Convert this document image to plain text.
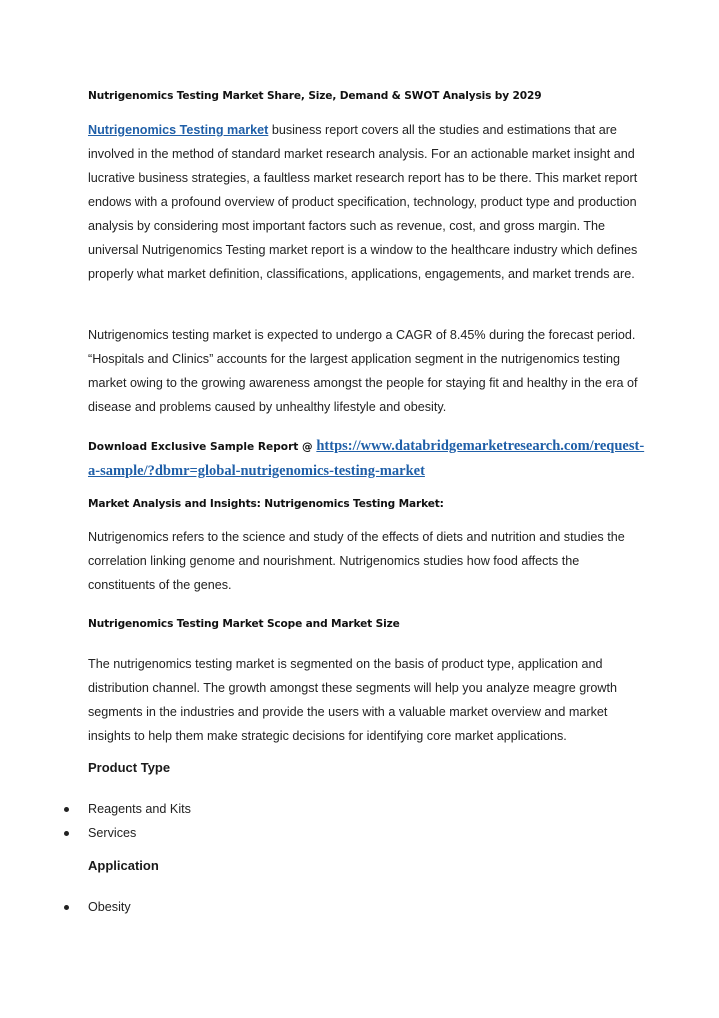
Nutrigenomics Testing Market Share, Size, Demand & SWOT Analysis by 2029

Nutrigenomics Testing market business report covers all the studies and estimations that are involved in the method of standard market research analysis. For an actionable market insight and lucrative business strategies, a faultless market research report has to be there. This market report endows with a profound overview of product specification, technology, product type and production analysis by considering most important factors such as revenue, cost, and gross margin. The universal Nutrigenomics Testing market report is a window to the healthcare industry which defines properly what market definition, classifications, applications, engagements, and market trends are.

Nutrigenomics testing market is expected to undergo a CAGR of 8.45% during the forecast period. “Hospitals and Clinics” accounts for the largest application segment in the nutrigenomics testing market owing to the growing awareness amongst the people for staying fit and healthy in the era of disease and problems caused by unhealthy lifestyle and obesity.

Download Exclusive Sample Report @ https://www.databridgemarketresearch.com/request-a-sample/?dbmr=global-nutrigenomics-testing-market

Market Analysis and Insights: Nutrigenomics Testing Market:

Nutrigenomics refers to the science and study of the effects of diets and nutrition and studies the correlation linking genome and nourishment. Nutrigenomics studies how food affects the constituents of the genes.

Nutrigenomics Testing Market Scope and Market Size

The nutrigenomics testing market is segmented on the basis of product type, application and distribution channel. The growth amongst these segments will help you analyze meagre growth segments in the industries and provide the users with a valuable market overview and market insights to help them make strategic decisions for identifying core market applications.

Product Type
Reagents and Kits
Services
Application
Obesity
